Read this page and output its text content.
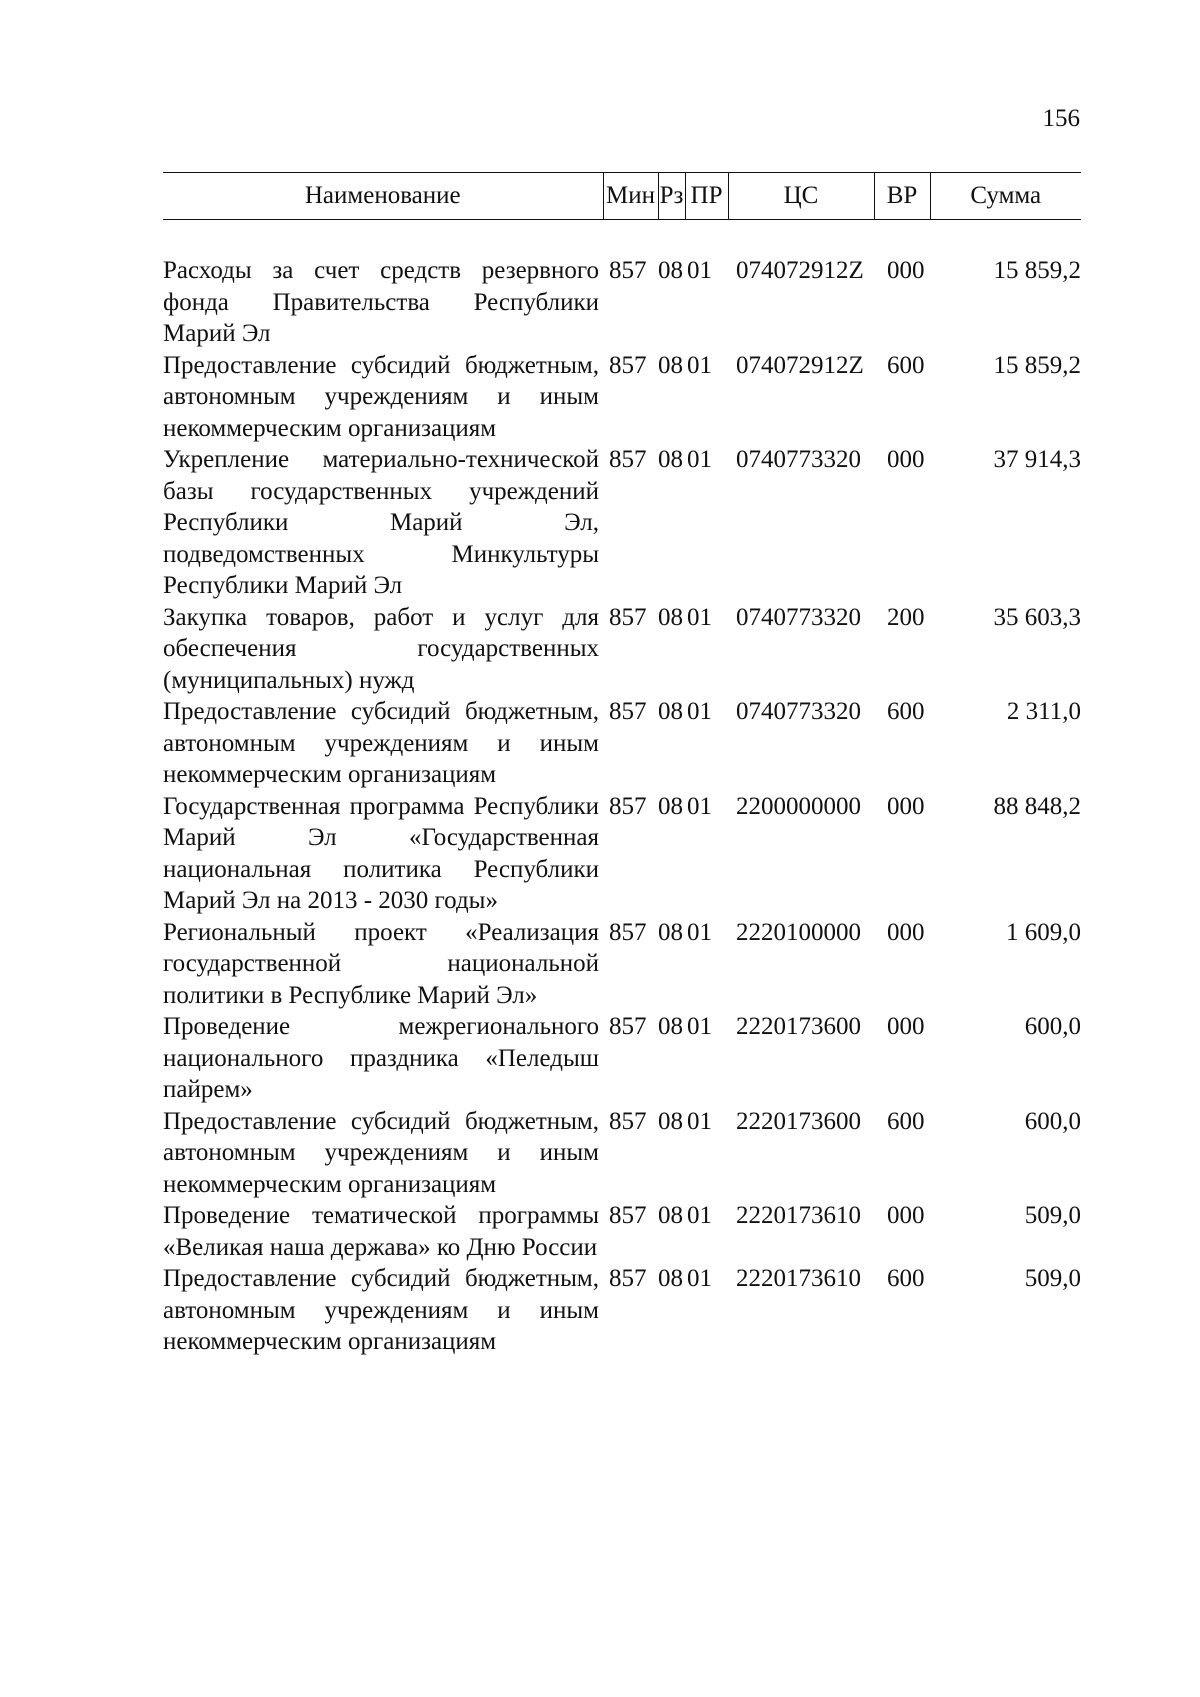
156
Наименование	Мин	Рз	ПР	ЦС	ВР	Сумма

Расходы за счет средств резервного фонда Правительства Республики Марий Эл	857	08	01	074072912Z	000	15 859,2
Предоставление субсидий бюджетным, автономным учреждениям и иным некоммерческим организациям	857	08	01	074072912Z	600	15 859,2
Укрепление материально-технической базы государственных учреждений Республики Марий Эл, подведомственных Минкультуры Республики Марий Эл	857	08	01	0740773320	000	37 914,3
Закупка товаров, работ и услуг для обеспечения государственных (муниципальных) нужд	857	08	01	0740773320	200	35 603,3
Предоставление субсидий бюджетным, автономным учреждениям и иным некоммерческим организациям	857	08	01	0740773320	600	2 311,0
Государственная программа Республики Марий Эл «Государственная национальная политика Республики Марий Эл на 2013 - 2030 годы»	857	08	01	2200000000	000	88 848,2
Региональный проект «Реализация государственной национальной политики в Республике Марий Эл»	857	08	01	2220100000	000	1 609,0
Проведение межрегионального национального праздника «Пеледыш пайрем»	857	08	01	2220173600	000	600,0
Предоставление субсидий бюджетным, автономным учреждениям и иным некоммерческим организациям	857	08	01	2220173600	600	600,0
Проведение тематической программы «Великая наша держава» ко Дню России	857	08	01	2220173610	000	509,0
Предоставление субсидий бюджетным, автономным учреждениям и иным некоммерческим организациям	857	08	01	2220173610	600	509,0
